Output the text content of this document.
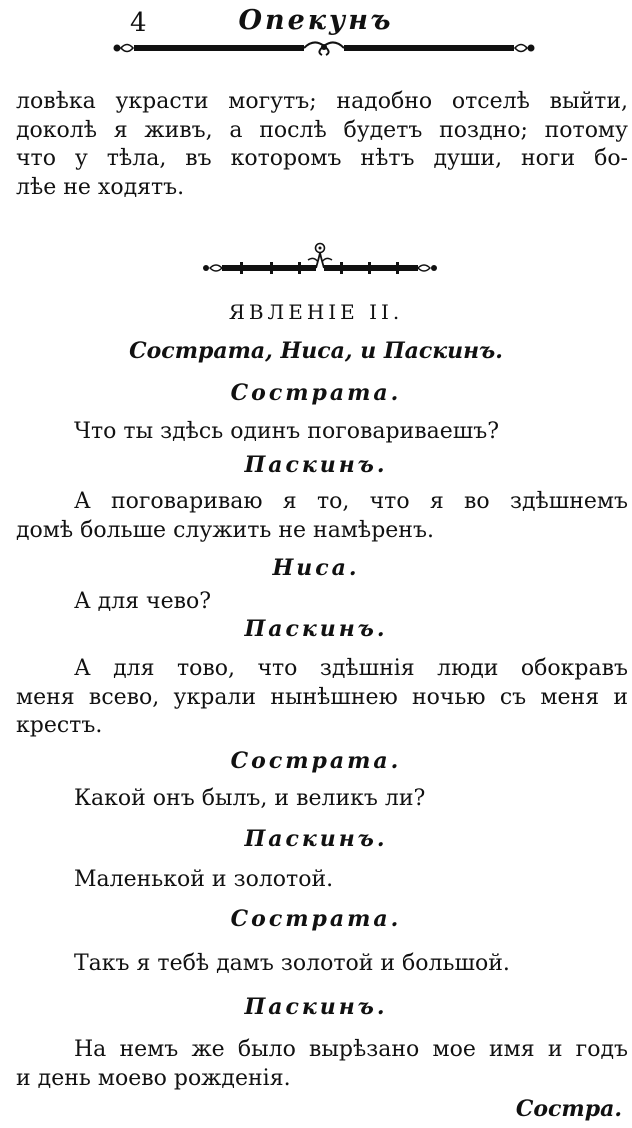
4	Опекунъ
ловѣка украсти могутъ; надобно отселѣ выйти,
доколѣ я живъ, а послѣ будетъ поздно; потому
что у тѣла, въ которомъ нѣтъ души, ноги бо-
лѣе не ходятъ.
ЯВЛЕНІЕ II.
Сострата, Ниса, и Паскинъ.
Сострата.
Что ты здѣсь одинъ поговариваешъ?
Паскинъ.
А поговариваю я то, что я во здѣшнемъ
домѣ больше служить не намѣренъ.
Ниса.
А для чево?
Паскинъ.
А для тово, что здѣшнія люди обокравъ
меня всево, украли нынѣшнею ночью съ меня и
крестъ.
Сострата.
Какой онъ былъ, и великъ ли?
Паскинъ.
Маленькой и золотой.
Сострата.
Такъ я тебѣ дамъ золотой и большой.
Паскинъ.
На немъ же было вырѣзано мое имя и годъ
и день моево рожденія.
Состра.
